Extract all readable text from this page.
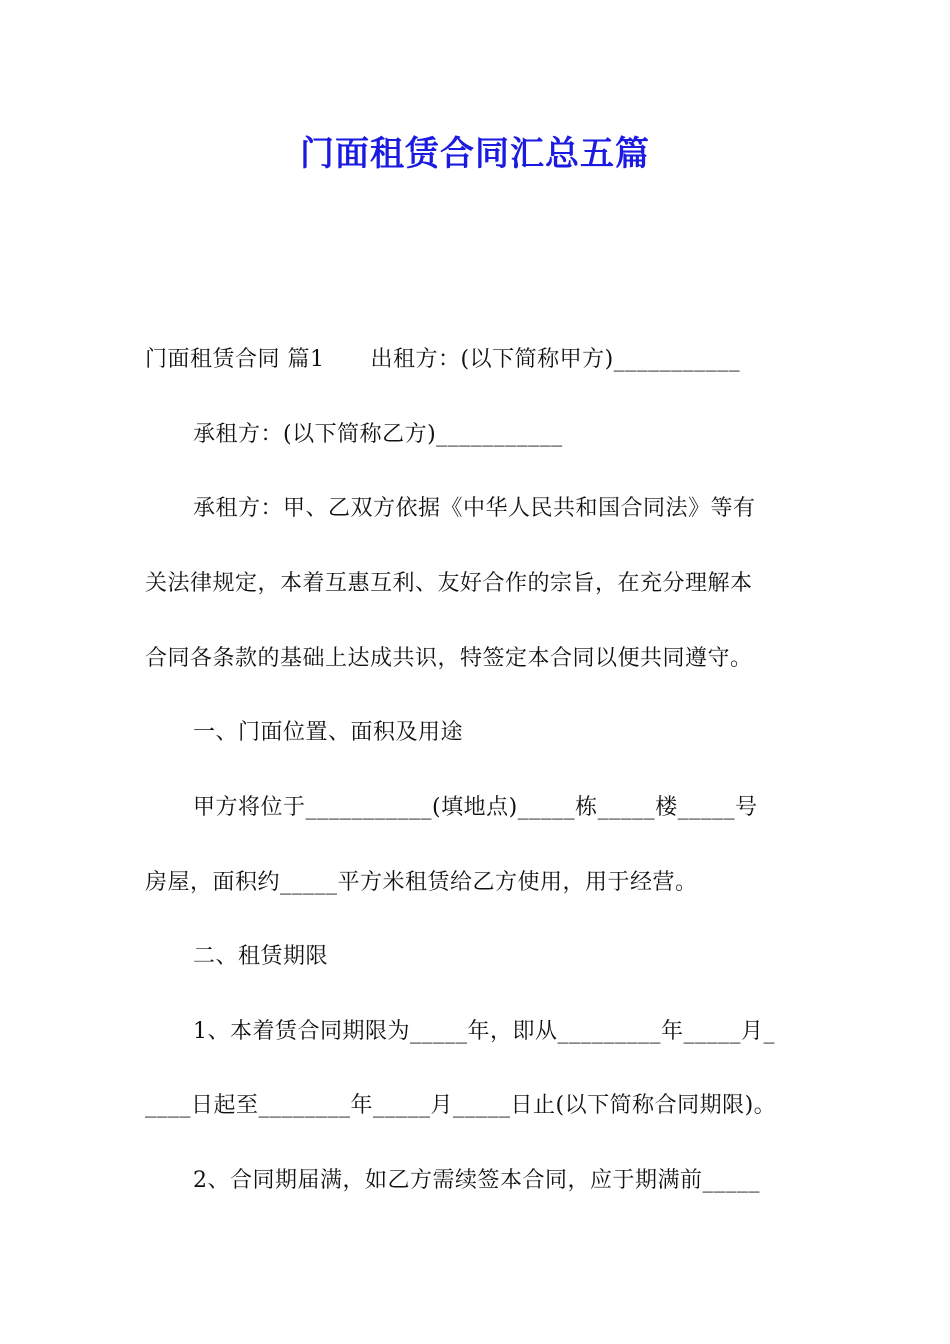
门面租赁合同汇总五篇
门面租赁合同 篇1 出租方：(以下简称甲方)___________
承租方：(以下简称乙方)___________
承租方：甲、乙双方依据《中华人民共和国合同法》等有
关法律规定，本着互惠互利、友好合作的宗旨，在充分理解本
合同各条款的基础上达成共识，特签定本合同以便共同遵守。
一、门面位置、面积及用途
甲方将位于___________(填地点)_____栋_____楼_____号
房屋，面积约_____平方米租赁给乙方使用，用于经营。
二、租赁期限
1、本着赁合同期限为_____年，即从_________年_____月_
____日起至________年_____月_____日止(以下简称合同期限)。
2、合同期届满，如乙方需续签本合同，应于期满前_____
